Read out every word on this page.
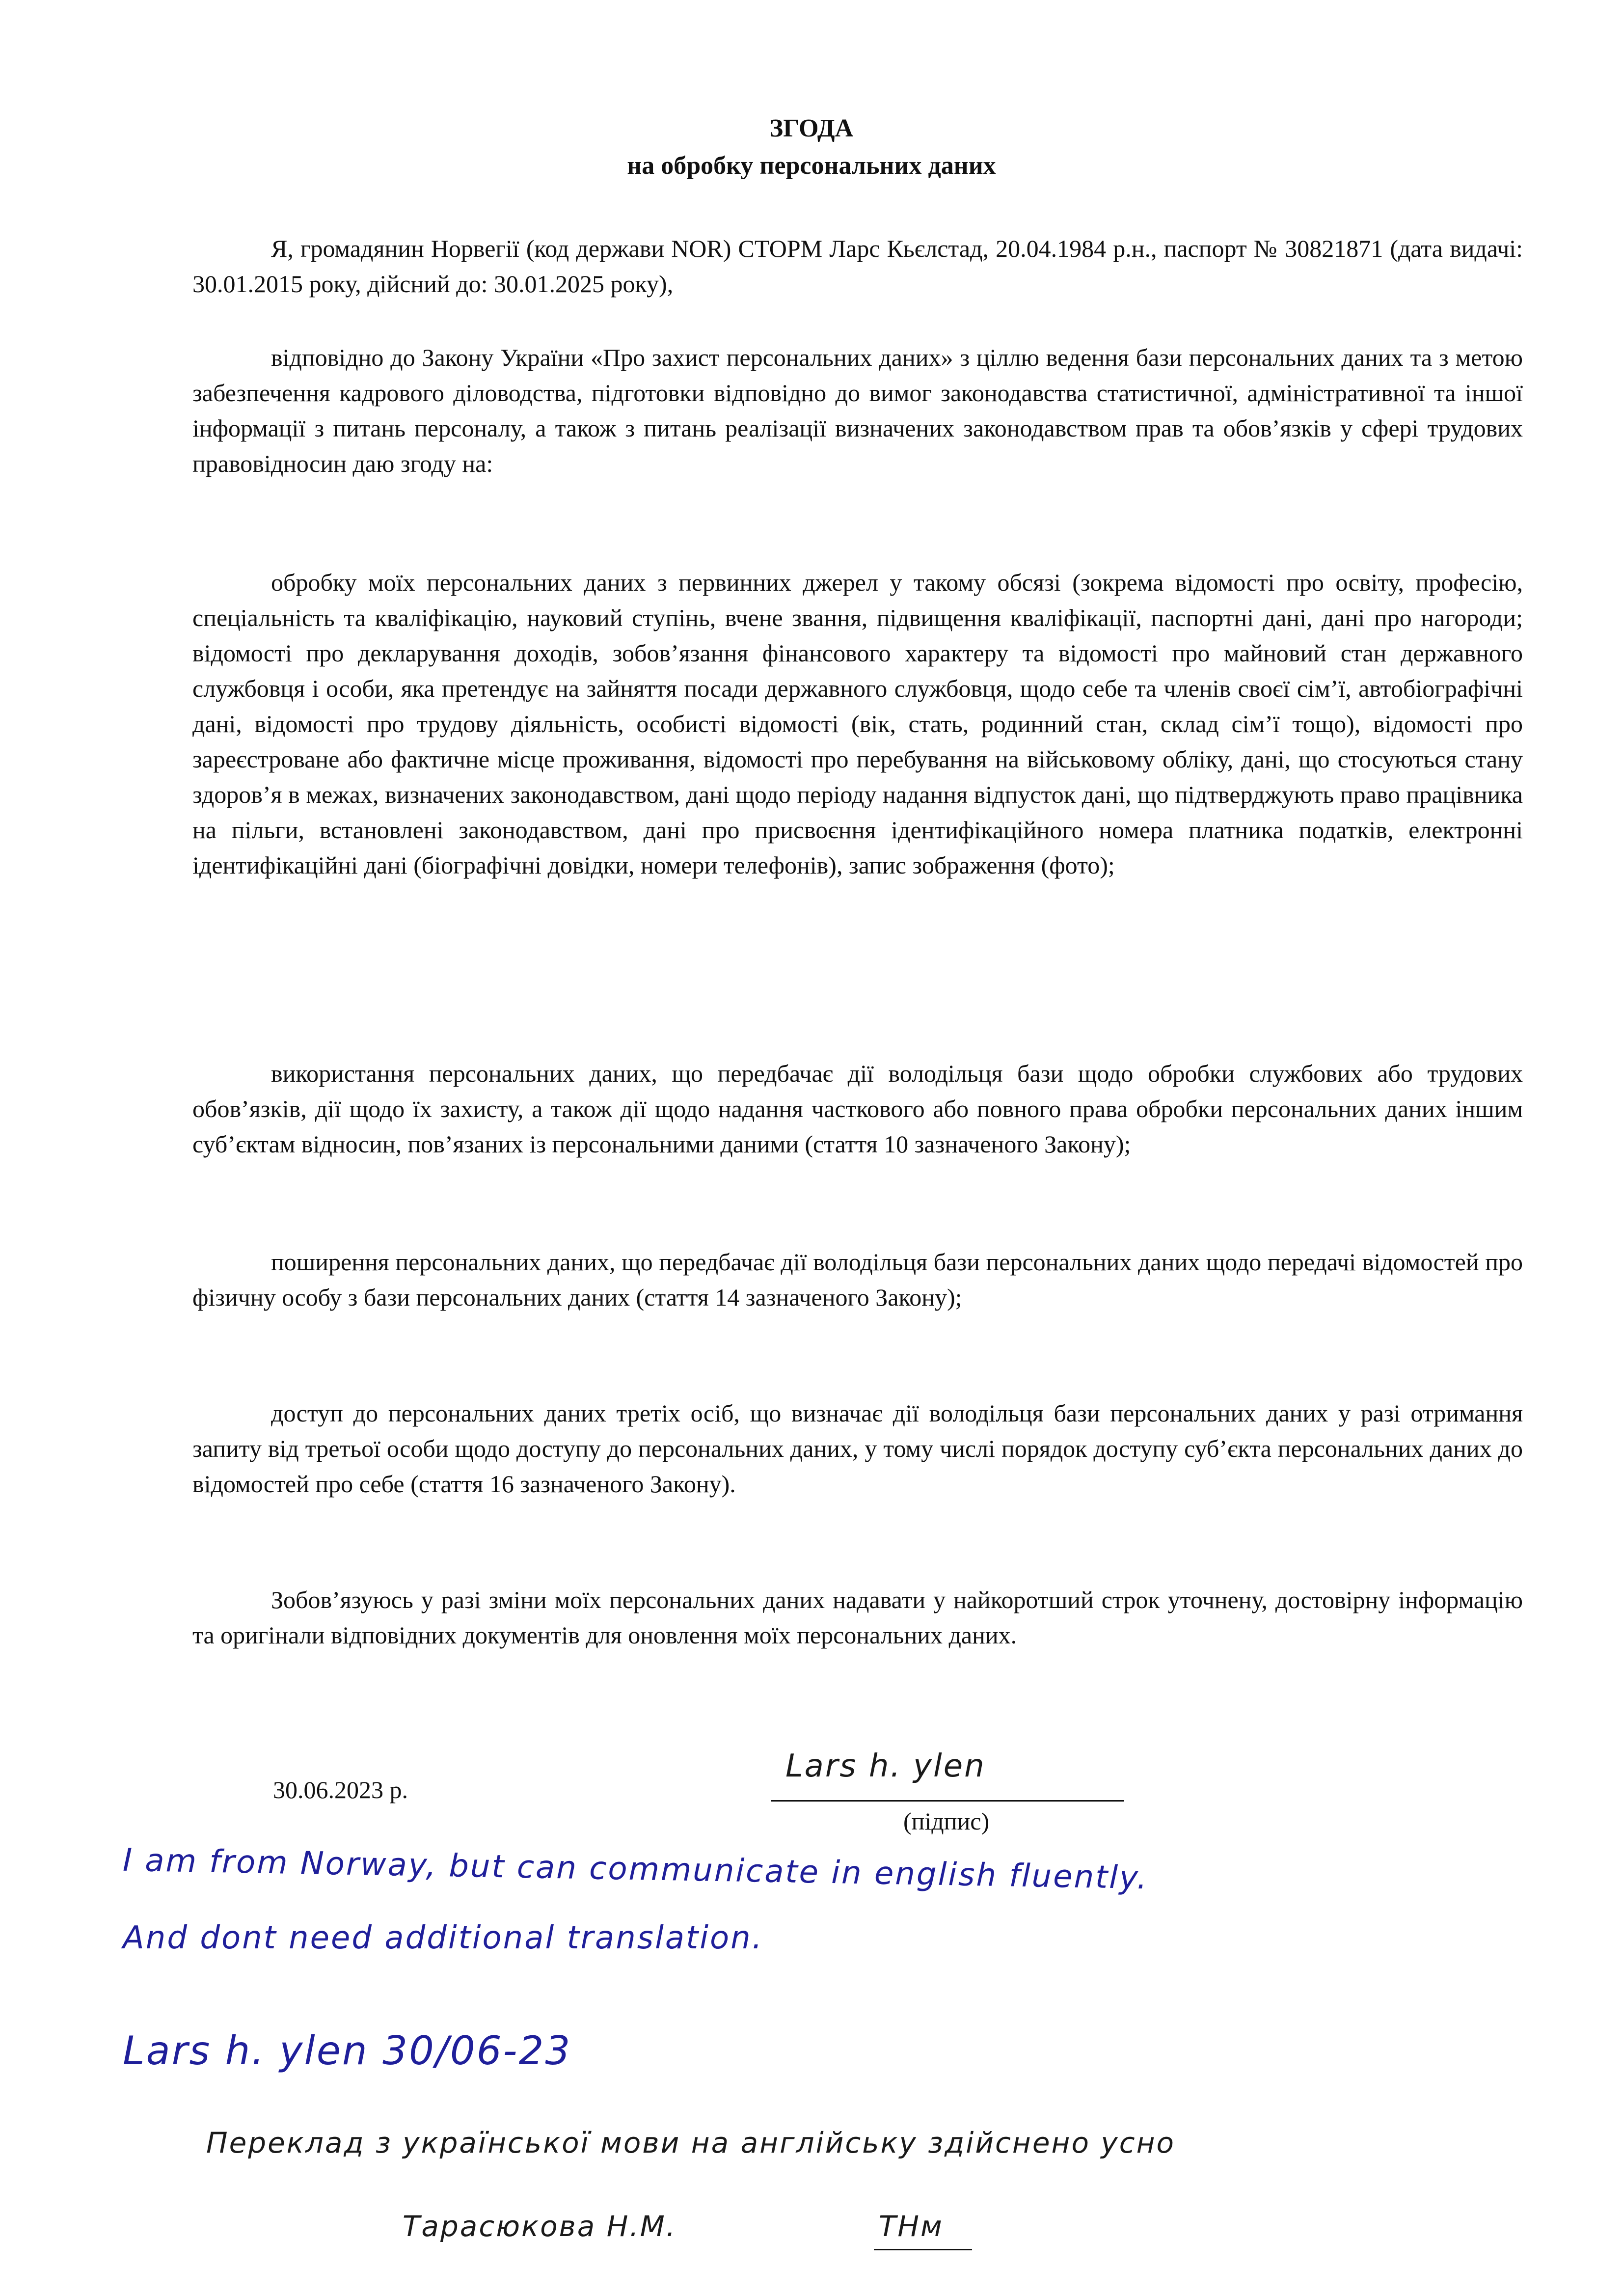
ЗГОДА
на обробку персональних даних

Я, громадянин Норвегії (код держави NOR) СТОРМ Ларс Кьєлстад, 20.04.1984 р.н., паспорт № 30821871 (дата видачі: 30.01.2015 року, дійсний до: 30.01.2025 року),

відповідно до Закону України «Про захист персональних даних» з ціллю ведення бази персональних даних та з метою забезпечення кадрового діловодства, підготовки відповідно до вимог законодавства статистичної, адміністративної та іншої інформації з питань персоналу, а також з питань реалізації визначених законодавством прав та обов’язків у сфері трудових правовідносин даю згоду на:

обробку моїх персональних даних з первинних джерел у такому обсязі (зокрема відомості про освіту, професію, спеціальність та кваліфікацію, науковий ступінь, вчене звання, підвищення кваліфікації, паспортні дані, дані про нагороди; відомості про декларування доходів, зобов’язання фінансового характеру та відомості про майновий стан державного службовця і особи, яка претендує на зайняття посади державного службовця, щодо себе та членів своєї сім’ї, автобіографічні дані, відомості про трудову діяльність, особисті відомості (вік, стать, родинний стан, склад сім’ї тощо), відомості про зареєстроване або фактичне місце проживання, відомості про перебування на військовому обліку, дані, що стосуються стану здоров’я в межах, визначених законодавством, дані щодо періоду надання відпусток дані, що підтверджують право працівника на пільги, встановлені законодавством, дані про присвоєння ідентифікаційного номера платника податків, електронні ідентифікаційні дані (біографічні довідки, номери телефонів), запис зображення (фото);

використання персональних даних, що передбачає дії володільця бази щодо обробки службових або трудових обов’язків, дії щодо їх захисту, а також дії щодо надання часткового або повного права обробки персональних даних іншим суб’єктам відносин, пов’язаних із персональними даними (стаття 10 зазначеного Закону);

поширення персональних даних, що передбачає дії володільця бази персональних даних щодо передачі відомостей про фізичну особу з бази персональних даних (стаття 14 зазначеного Закону);

доступ до персональних даних третіх осіб, що визначає дії володільця бази персональних даних у разі отримання запиту від третьої особи щодо доступу до персональних даних, у тому числі порядок доступу суб’єкта персональних даних до відомостей про себе (стаття 16 зазначеного Закону).

Зобов’язуюсь у разі зміни моїх персональних даних надавати у найкоротший строк уточнену, достовірну інформацію та оригінали відповідних документів для оновлення моїх персональних даних.

30.06.2023 р.
Lars h. ylen
(підпис)
I am from Norway, but can communicate in english fluently.
And dont need additional translation.
Lars h. ylen 30/06-23
Переклад з української мови на англійську здійснено усно
Тарасюкова Н.М.	ТНм
